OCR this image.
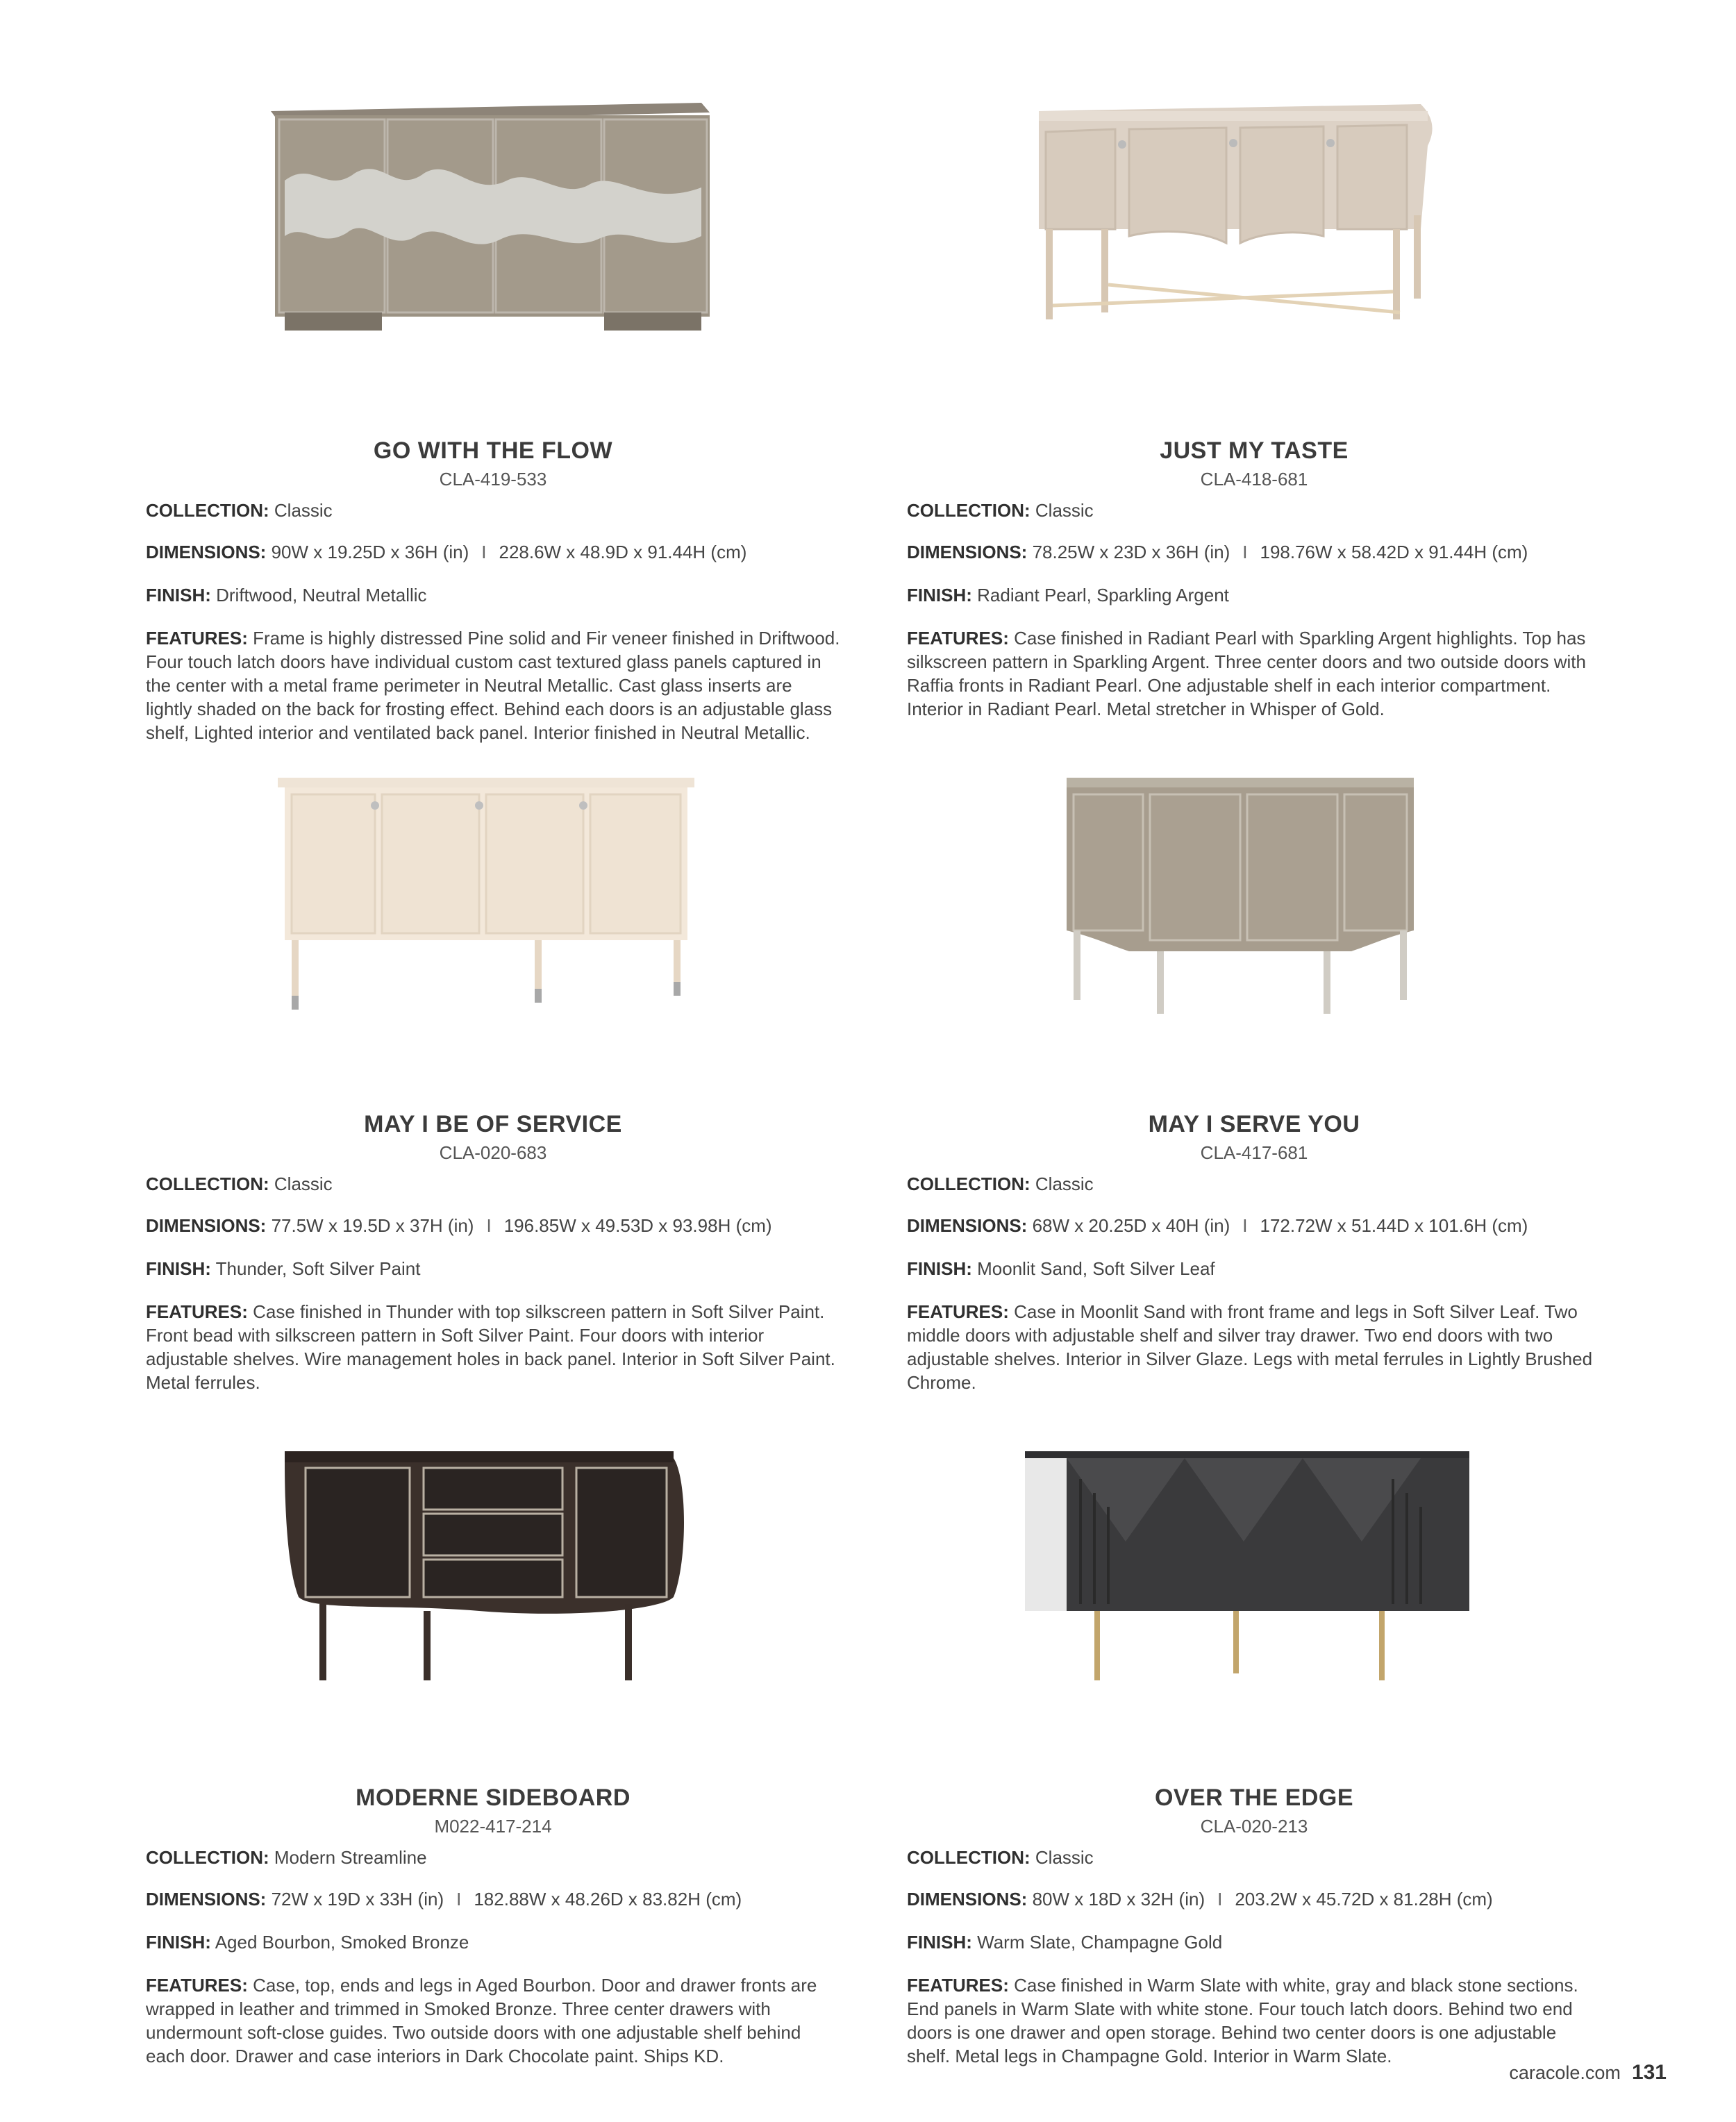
GO WITH THE FLOW
CLA-419-533
COLLECTION: Classic
DIMENSIONS: 90W x 19.25D x 36H (in) I 228.6W x 48.9D x 91.44H (cm)
FINISH: Driftwood, Neutral Metallic
FEATURES: Frame is highly distressed Pine solid and Fir veneer finished in Driftwood. Four touch latch doors have individual custom cast textured glass panels captured in the center with a metal frame perimeter in Neutral Metallic. Cast glass inserts are lightly shaded on the back for frosting effect. Behind each doors is an adjustable glass shelf, Lighted interior and ventilated back panel. Interior finished in Neutral Metallic.
JUST MY TASTE
CLA-418-681
COLLECTION: Classic
DIMENSIONS: 78.25W x 23D x 36H (in) I 198.76W x 58.42D x 91.44H (cm)
FINISH: Radiant Pearl, Sparkling Argent
FEATURES: Case finished in Radiant Pearl with Sparkling Argent highlights. Top has silkscreen pattern in Sparkling Argent. Three center doors and two outside doors with Raffia fronts in Radiant Pearl. One adjustable shelf in each interior compartment. Interior in Radiant Pearl. Metal stretcher in Whisper of Gold.
MAY I BE OF SERVICE
CLA-020-683
COLLECTION: Classic
DIMENSIONS: 77.5W x 19.5D x 37H (in) I 196.85W x 49.53D x 93.98H (cm)
FINISH: Thunder, Soft Silver Paint
FEATURES: Case finished in Thunder with top silkscreen pattern in Soft Silver Paint. Front bead with silkscreen pattern in Soft Silver Paint. Four doors with interior adjustable shelves. Wire management holes in back panel. Interior in Soft Silver Paint. Metal ferrules.
MAY I SERVE YOU
CLA-417-681
COLLECTION: Classic
DIMENSIONS: 68W x 20.25D x 40H (in) I 172.72W x 51.44D x 101.6H (cm)
FINISH: Moonlit Sand, Soft Silver Leaf
FEATURES: Case in Moonlit Sand with front frame and legs in Soft Silver Leaf. Two middle doors with adjustable shelf and silver tray drawer. Two end doors with two adjustable shelves. Interior in Silver Glaze. Legs with metal ferrules in Lightly Brushed Chrome.
MODERNE SIDEBOARD
M022-417-214
COLLECTION: Modern Streamline
DIMENSIONS: 72W x 19D x 33H (in) I 182.88W x 48.26D x 83.82H (cm)
FINISH: Aged Bourbon, Smoked Bronze
FEATURES: Case, top, ends and legs in Aged Bourbon. Door and drawer fronts are wrapped in leather and trimmed in Smoked Bronze. Three center drawers with undermount soft-close guides. Two outside doors with one adjustable shelf behind each door. Drawer and case interiors in Dark Chocolate paint. Ships KD.
OVER THE EDGE
CLA-020-213
COLLECTION: Classic
DIMENSIONS: 80W x 18D x 32H (in) I 203.2W x 45.72D x 81.28H (cm)
FINISH: Warm Slate, Champagne Gold
FEATURES: Case finished in Warm Slate with white, gray and black stone sections. End panels in Warm Slate with white stone. Four touch latch doors. Behind two end doors is one drawer and open storage. Behind two center doors is one adjustable shelf. Metal legs in Champagne Gold. Interior in Warm Slate.
caracole.com 131
